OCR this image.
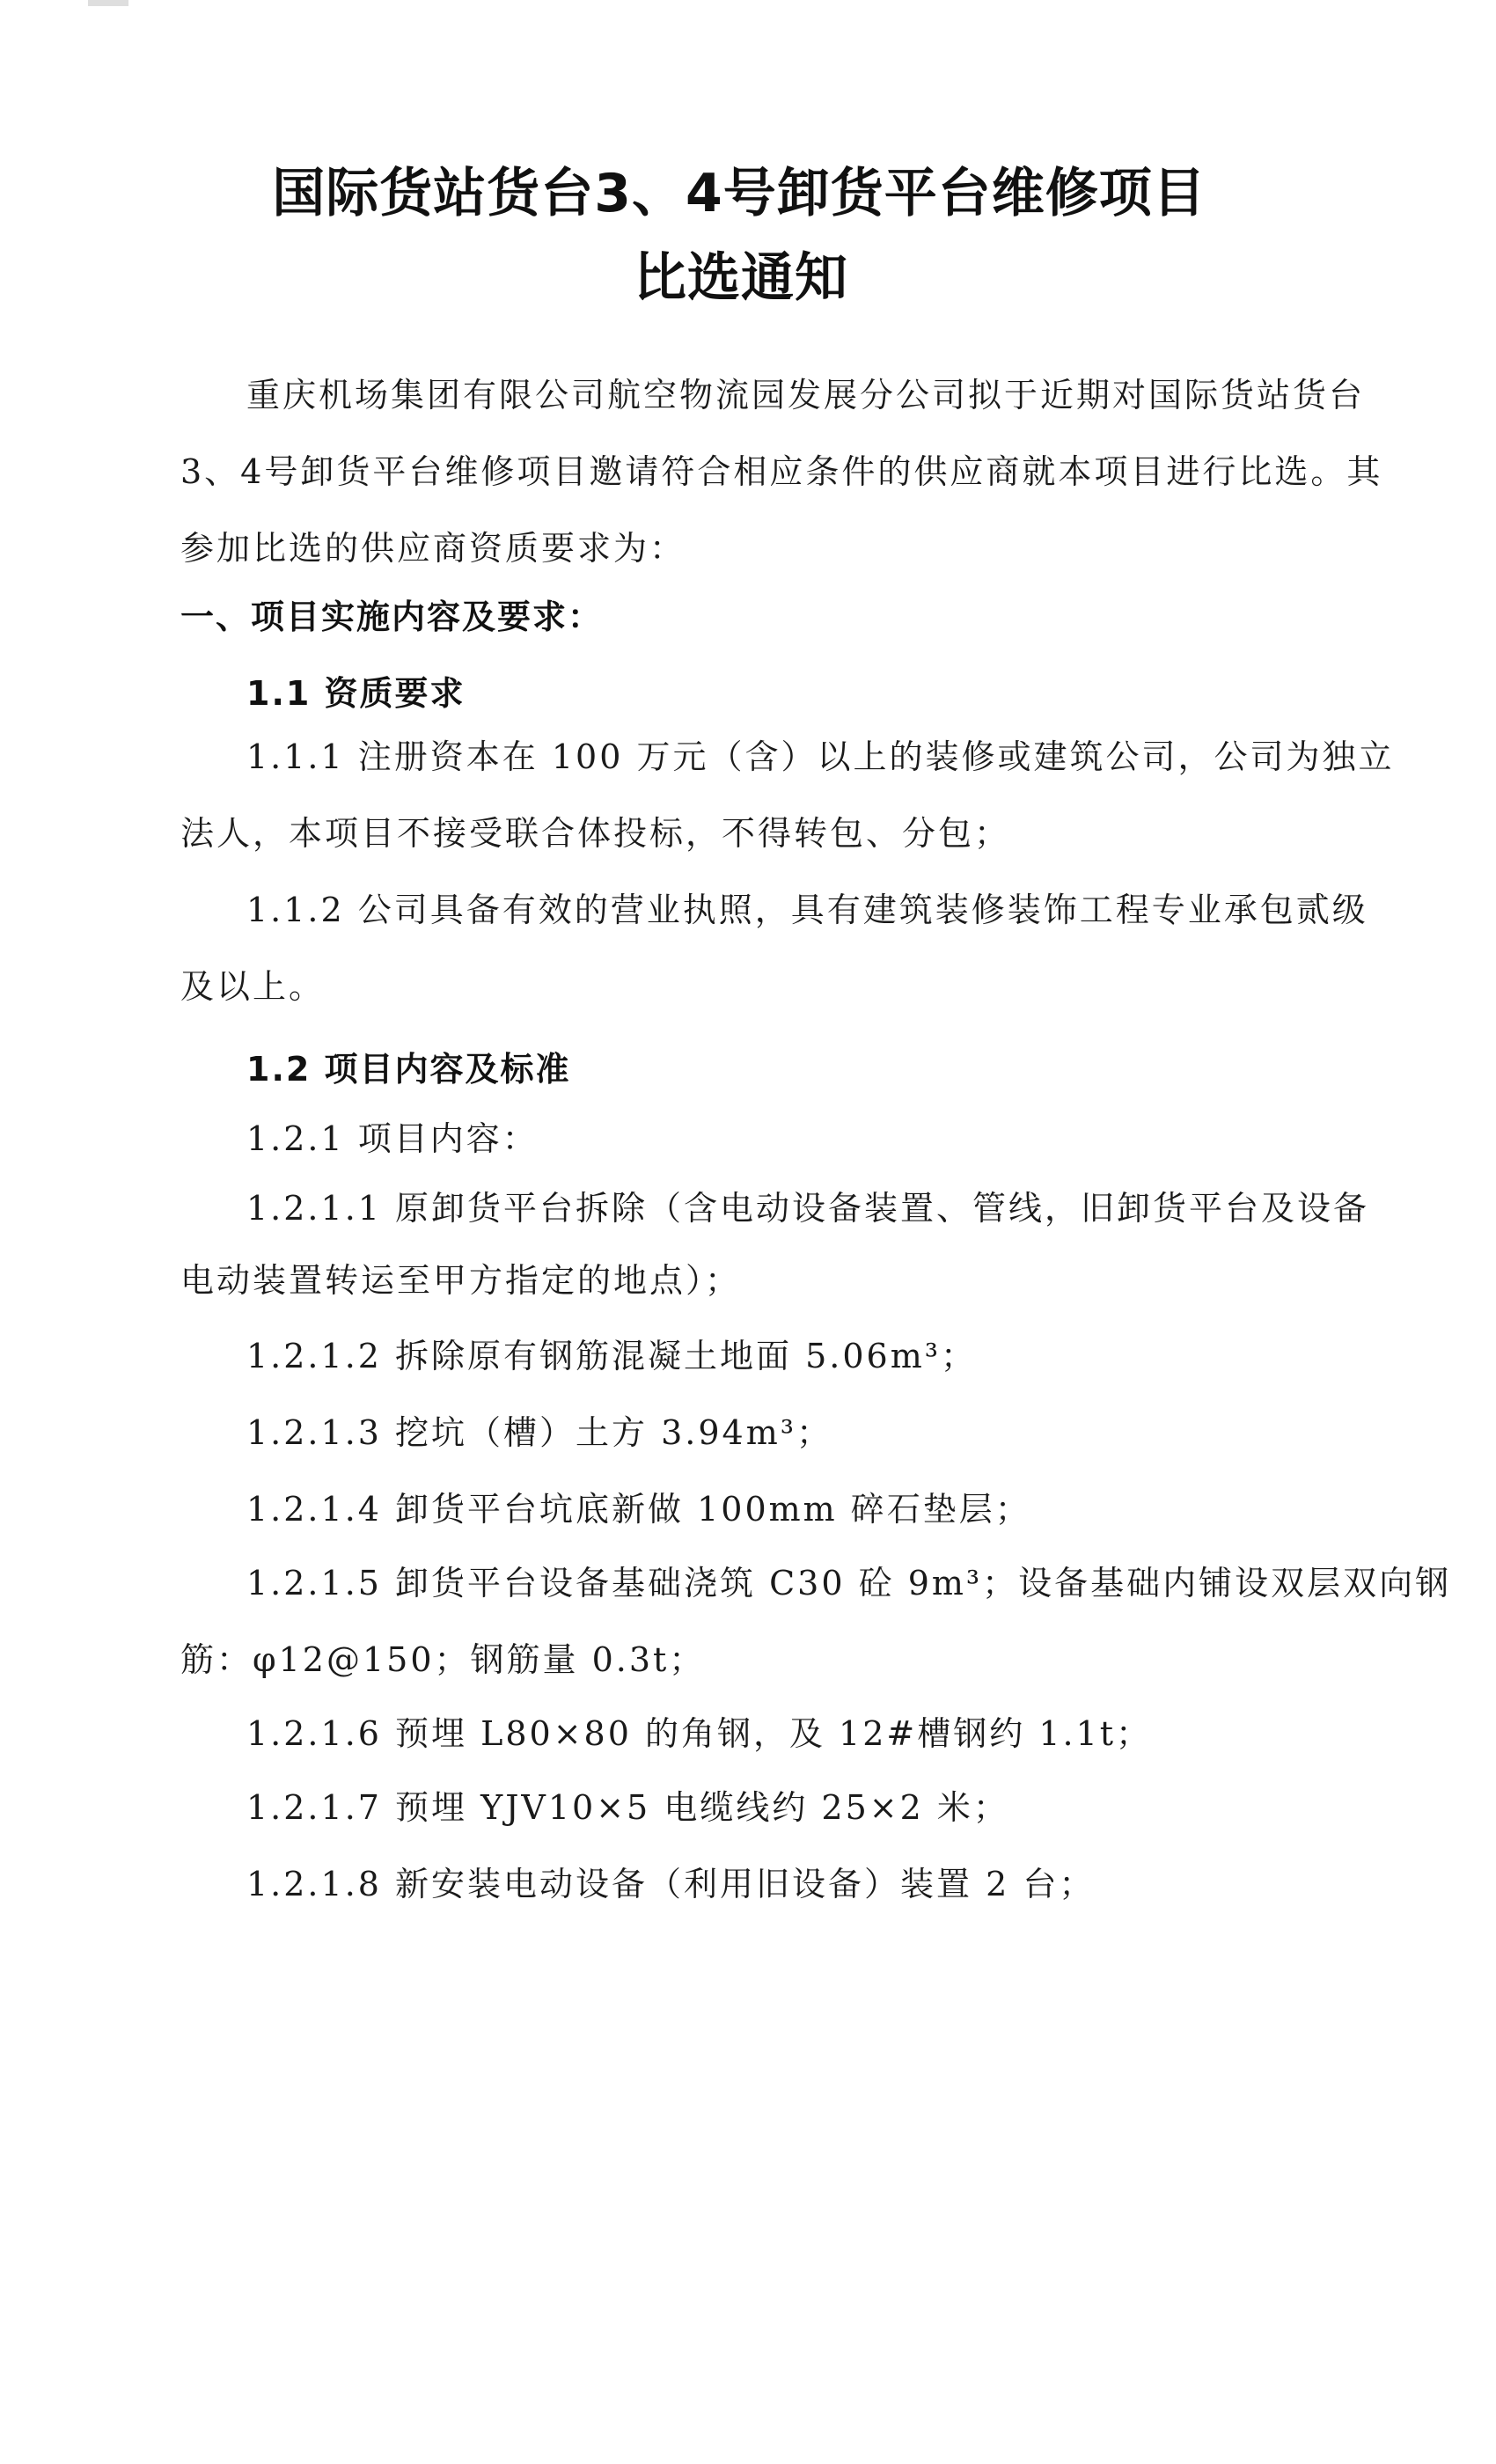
国际货站货台3、4号卸货平台维修项目
比选通知
重庆机场集团有限公司航空物流园发展分公司拟于近期对国际货站货台
3、4号卸货平台维修项目邀请符合相应条件的供应商就本项目进行比选。其
参加比选的供应商资质要求为：
一、项目实施内容及要求：
1.1 资质要求
1.1.1 注册资本在 100 万元（含）以上的装修或建筑公司，公司为独立
法人，本项目不接受联合体投标，不得转包、分包；
1.1.2 公司具备有效的营业执照，具有建筑装修装饰工程专业承包贰级
及以上。
1.2 项目内容及标准
1.2.1 项目内容：
1.2.1.1 原卸货平台拆除（含电动设备装置、管线，旧卸货平台及设备
电动装置转运至甲方指定的地点）；
1.2.1.2 拆除原有钢筋混凝土地面 5.06m³；
1.2.1.3 挖坑（槽）土方 3.94m³；
1.2.1.4 卸货平台坑底新做 100mm 碎石垫层；
1.2.1.5 卸货平台设备基础浇筑 C30 砼 9m³；设备基础内铺设双层双向钢
筋：φ12@150；钢筋量 0.3t；
1.2.1.6 预埋 L80×80 的角钢，及 12#槽钢约 1.1t；
1.2.1.7 预埋 YJV10×5 电缆线约 25×2 米；
1.2.1.8 新安装电动设备（利用旧设备）装置 2 台；
